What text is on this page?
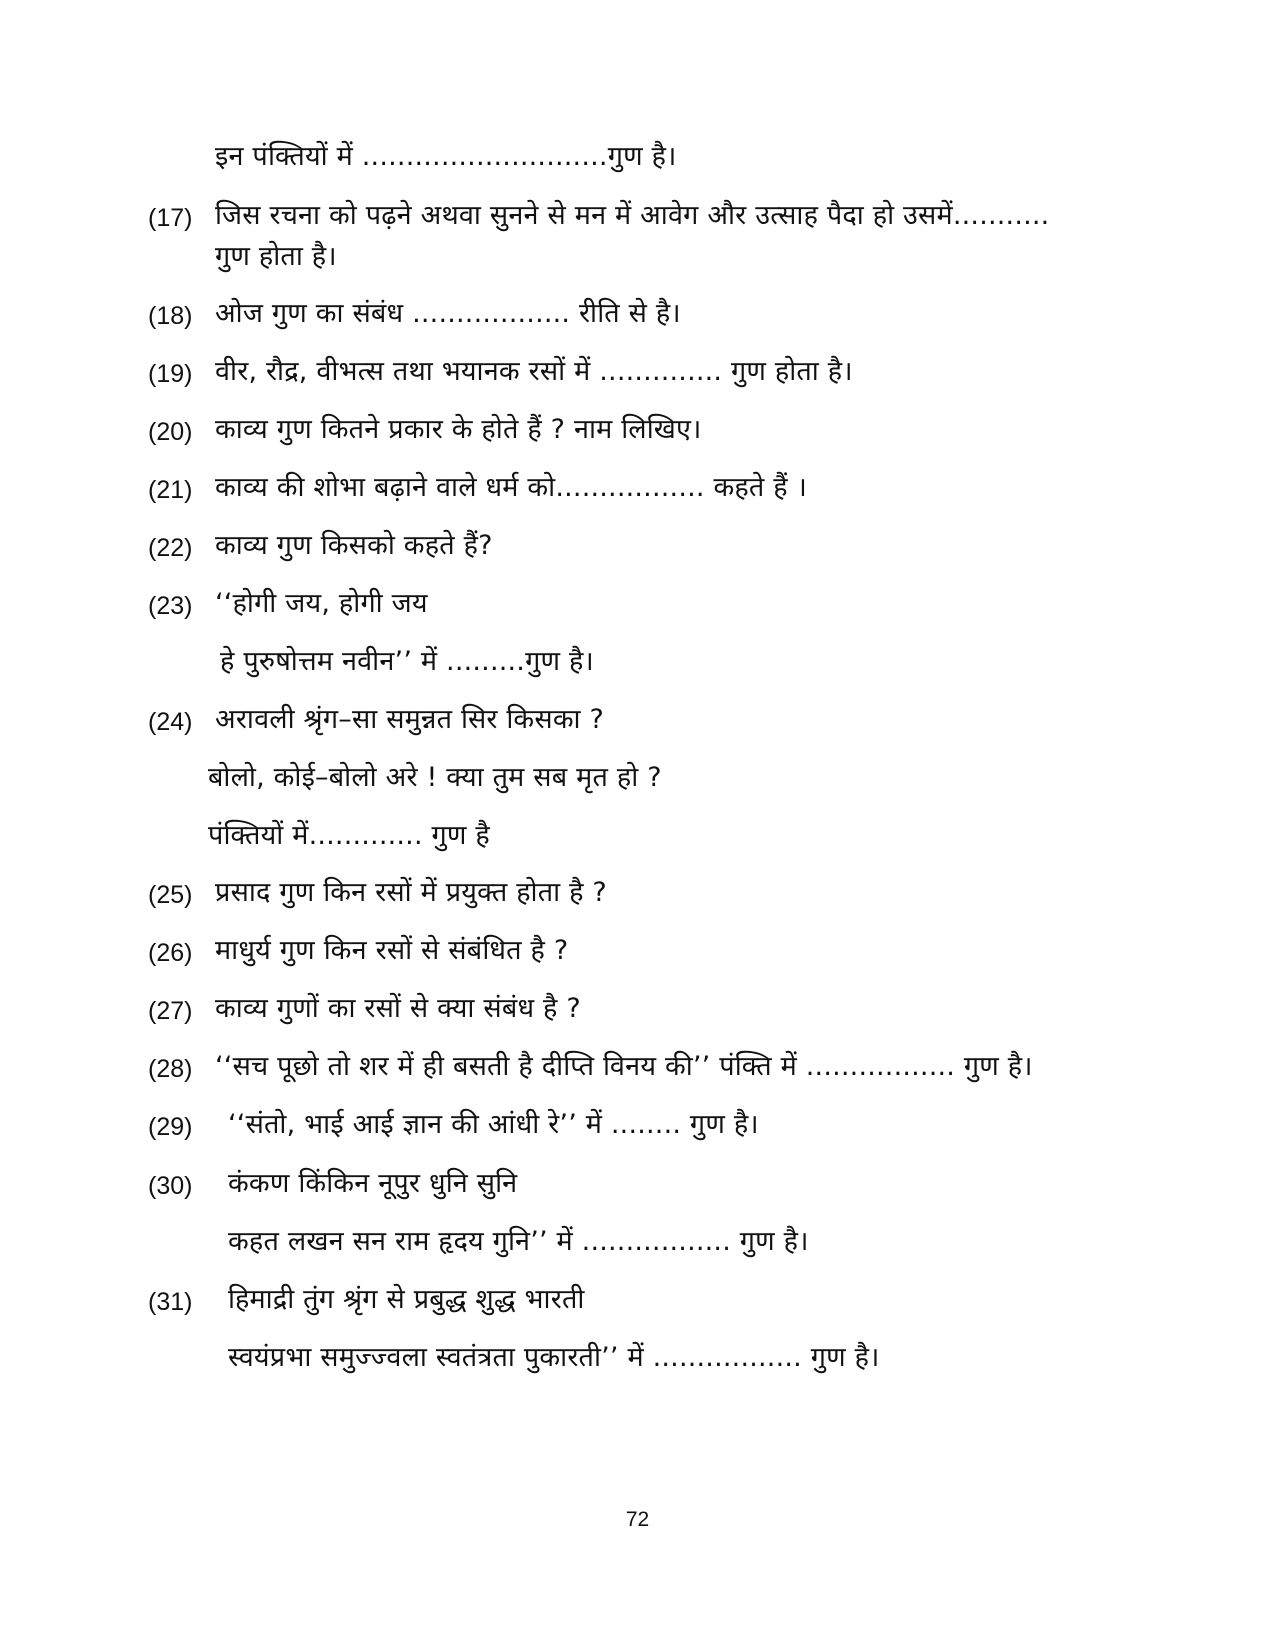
इन पंक्तियों में ............................गुण है।
(17) जिस रचना को पढ़ने अथवा सुनने से मन में आवेग और उत्साह पैदा हो उसमें...........
गुण होता है।
(18) ओज गुण का संबंध .................. रीति से है।
(19) वीर, रौद्र, वीभत्स तथा भयानक रसों में .............. गुण होता है।
(20) काव्य गुण कितने प्रकार के होते हैं ? नाम लिखिए।
(21) काव्य की शोभा बढ़ाने वाले धर्म को................. कहते हैं ।
(22) काव्य गुण किसको कहते हैं?
(23) ‘‘होगी जय, होगी जय
हे पुरुषोत्तम नवीन’’ में .........गुण है।
(24) अरावली श्रृंग–सा समुन्नत सिर किसका ?
बोलो, कोई–बोलो अरे ! क्या तुम सब मृत हो ?
पंक्तियों में............. गुण है
(25) प्रसाद गुण किन रसों में प्रयुक्त होता है ?
(26) माधुर्य गुण किन रसों से संबंधित है ?
(27) काव्य गुणों का रसों से क्या संबंध है ?
(28) ‘‘सच पूछो तो शर में ही बसती है दीप्ति विनय की’’ पंक्ति में ................. गुण है।
(29) ‘‘संतो, भाई आई ज्ञान की आंधी रे’’ में ........ गुण है।
(30) कंकण किंकिन नूपुर धुनि सुनि
कहत लखन सन राम हृदय गुनि’’ में ................. गुण है।
(31) हिमाद्री तुंग श्रृंग से प्रबुद्ध शुद्ध भारती
स्वयंप्रभा समुज्ज्वला स्वतंत्रता पुकारती’’ में ................. गुण है।
72
